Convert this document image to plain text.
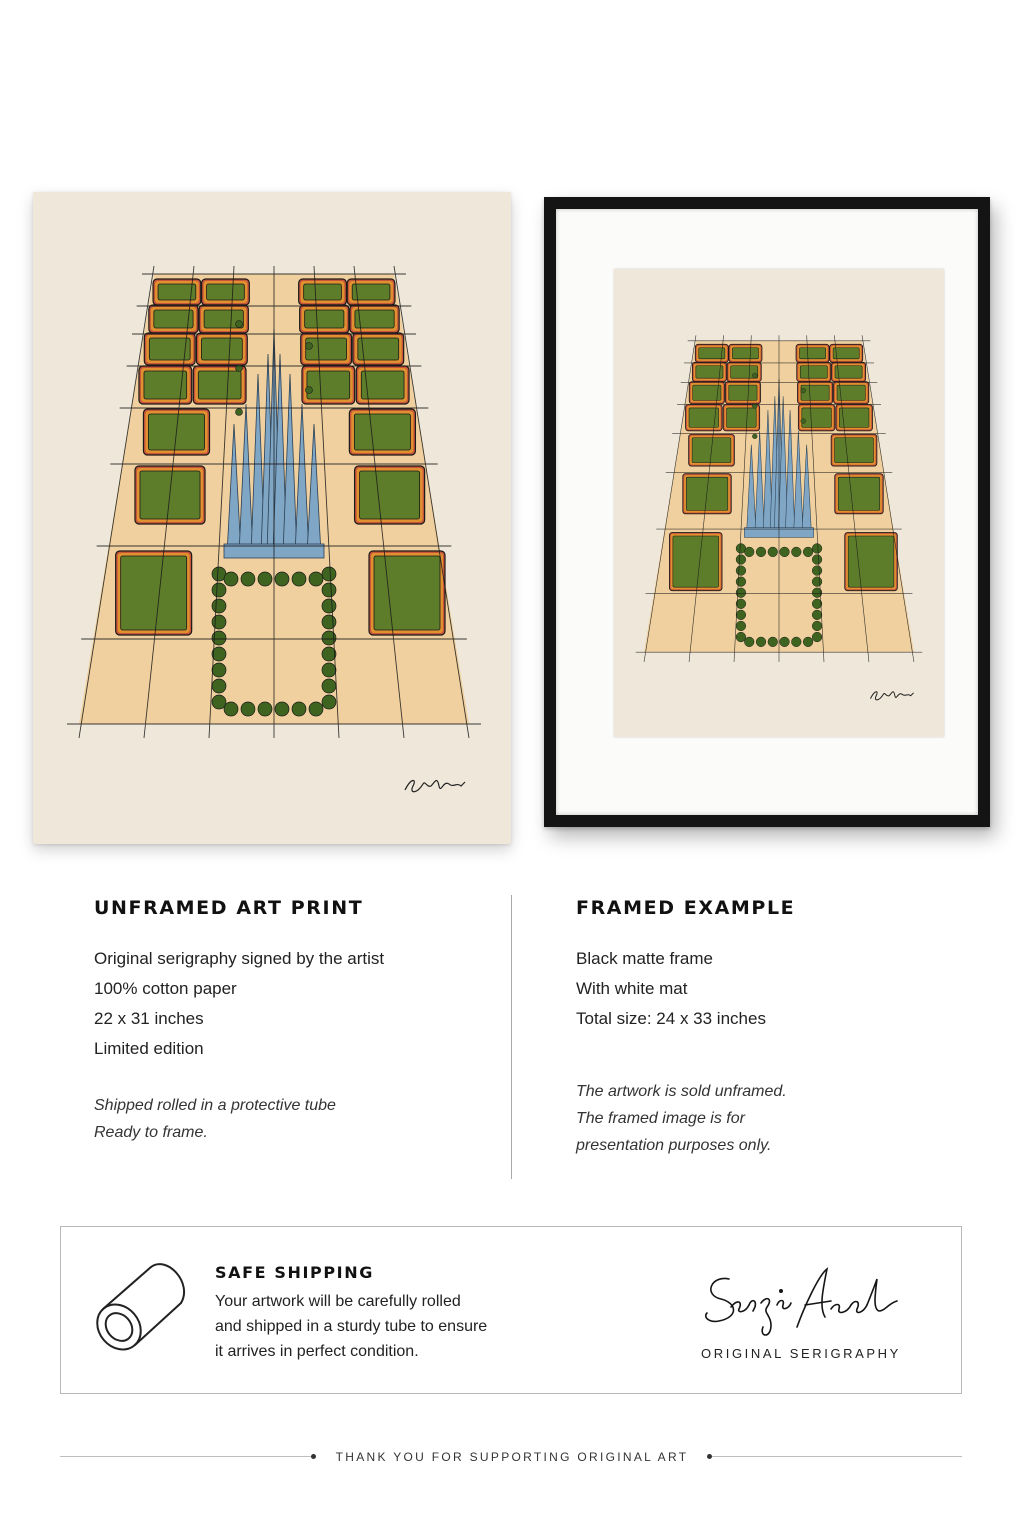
UNFRAMED ART PRINT
Original serigraphy signed by the artist
100% cotton paper
22 x 31 inches
Limited edition
Shipped rolled in a protective tube
Ready to frame.
FRAMED EXAMPLE
Black matte frame
With white mat
Total size: 24 x 33 inches
The artwork is sold unframed.
The framed image is for
presentation purposes only.
SAFE SHIPPING
Your artwork will be carefully rolled
and shipped in a sturdy tube to ensure
it arrives in perfect condition.	ORIGINAL SERIGRAPHY
THANK YOU FOR SUPPORTING ORIGINAL ART
